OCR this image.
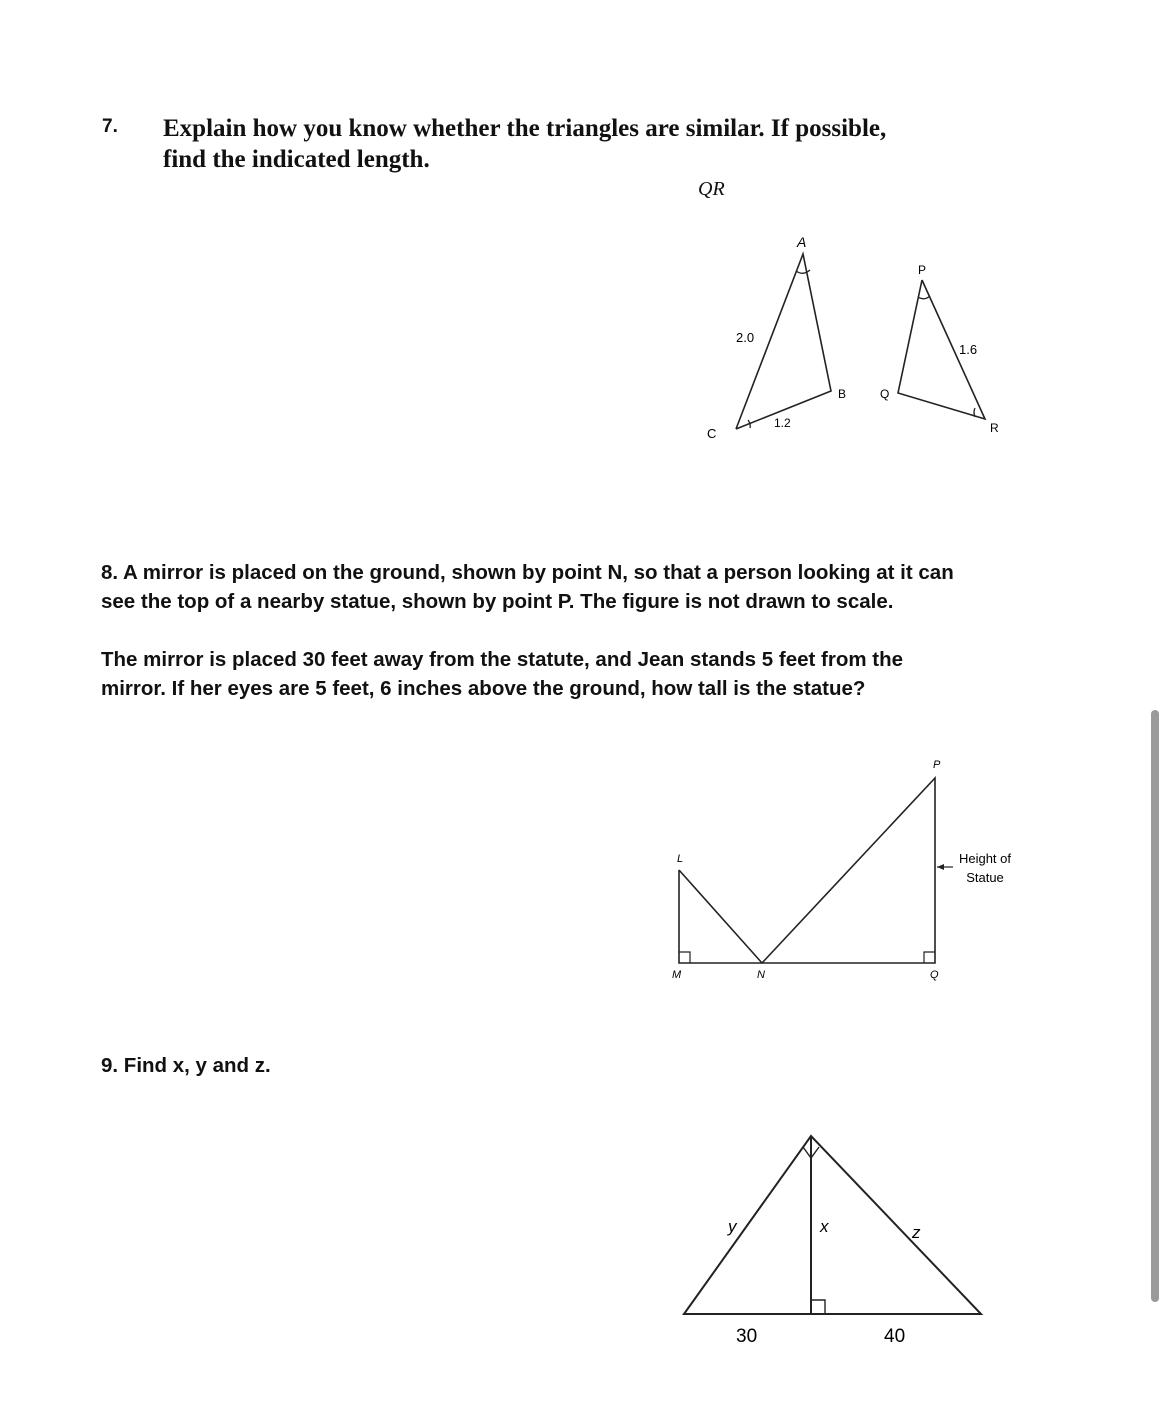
7. Explain how you know whether the triangles are similar. If possible,
find the indicated length.
QR
A
B
C
P
Q
R
2.0
1.2
1.6
8. A mirror is placed on the ground, shown by point N, so that a person looking at it can
see the top of a nearby statue, shown by point P. The figure is not drawn to scale.
The mirror is placed 30 feet away from the statute, and Jean stands 5 feet from the
mirror. If her eyes are 5 feet, 6 inches above the ground, how tall is the statue?
L
M	N
P
Q
Height of
Statue
9. Find x, y and z.
y	x	z
30	40
